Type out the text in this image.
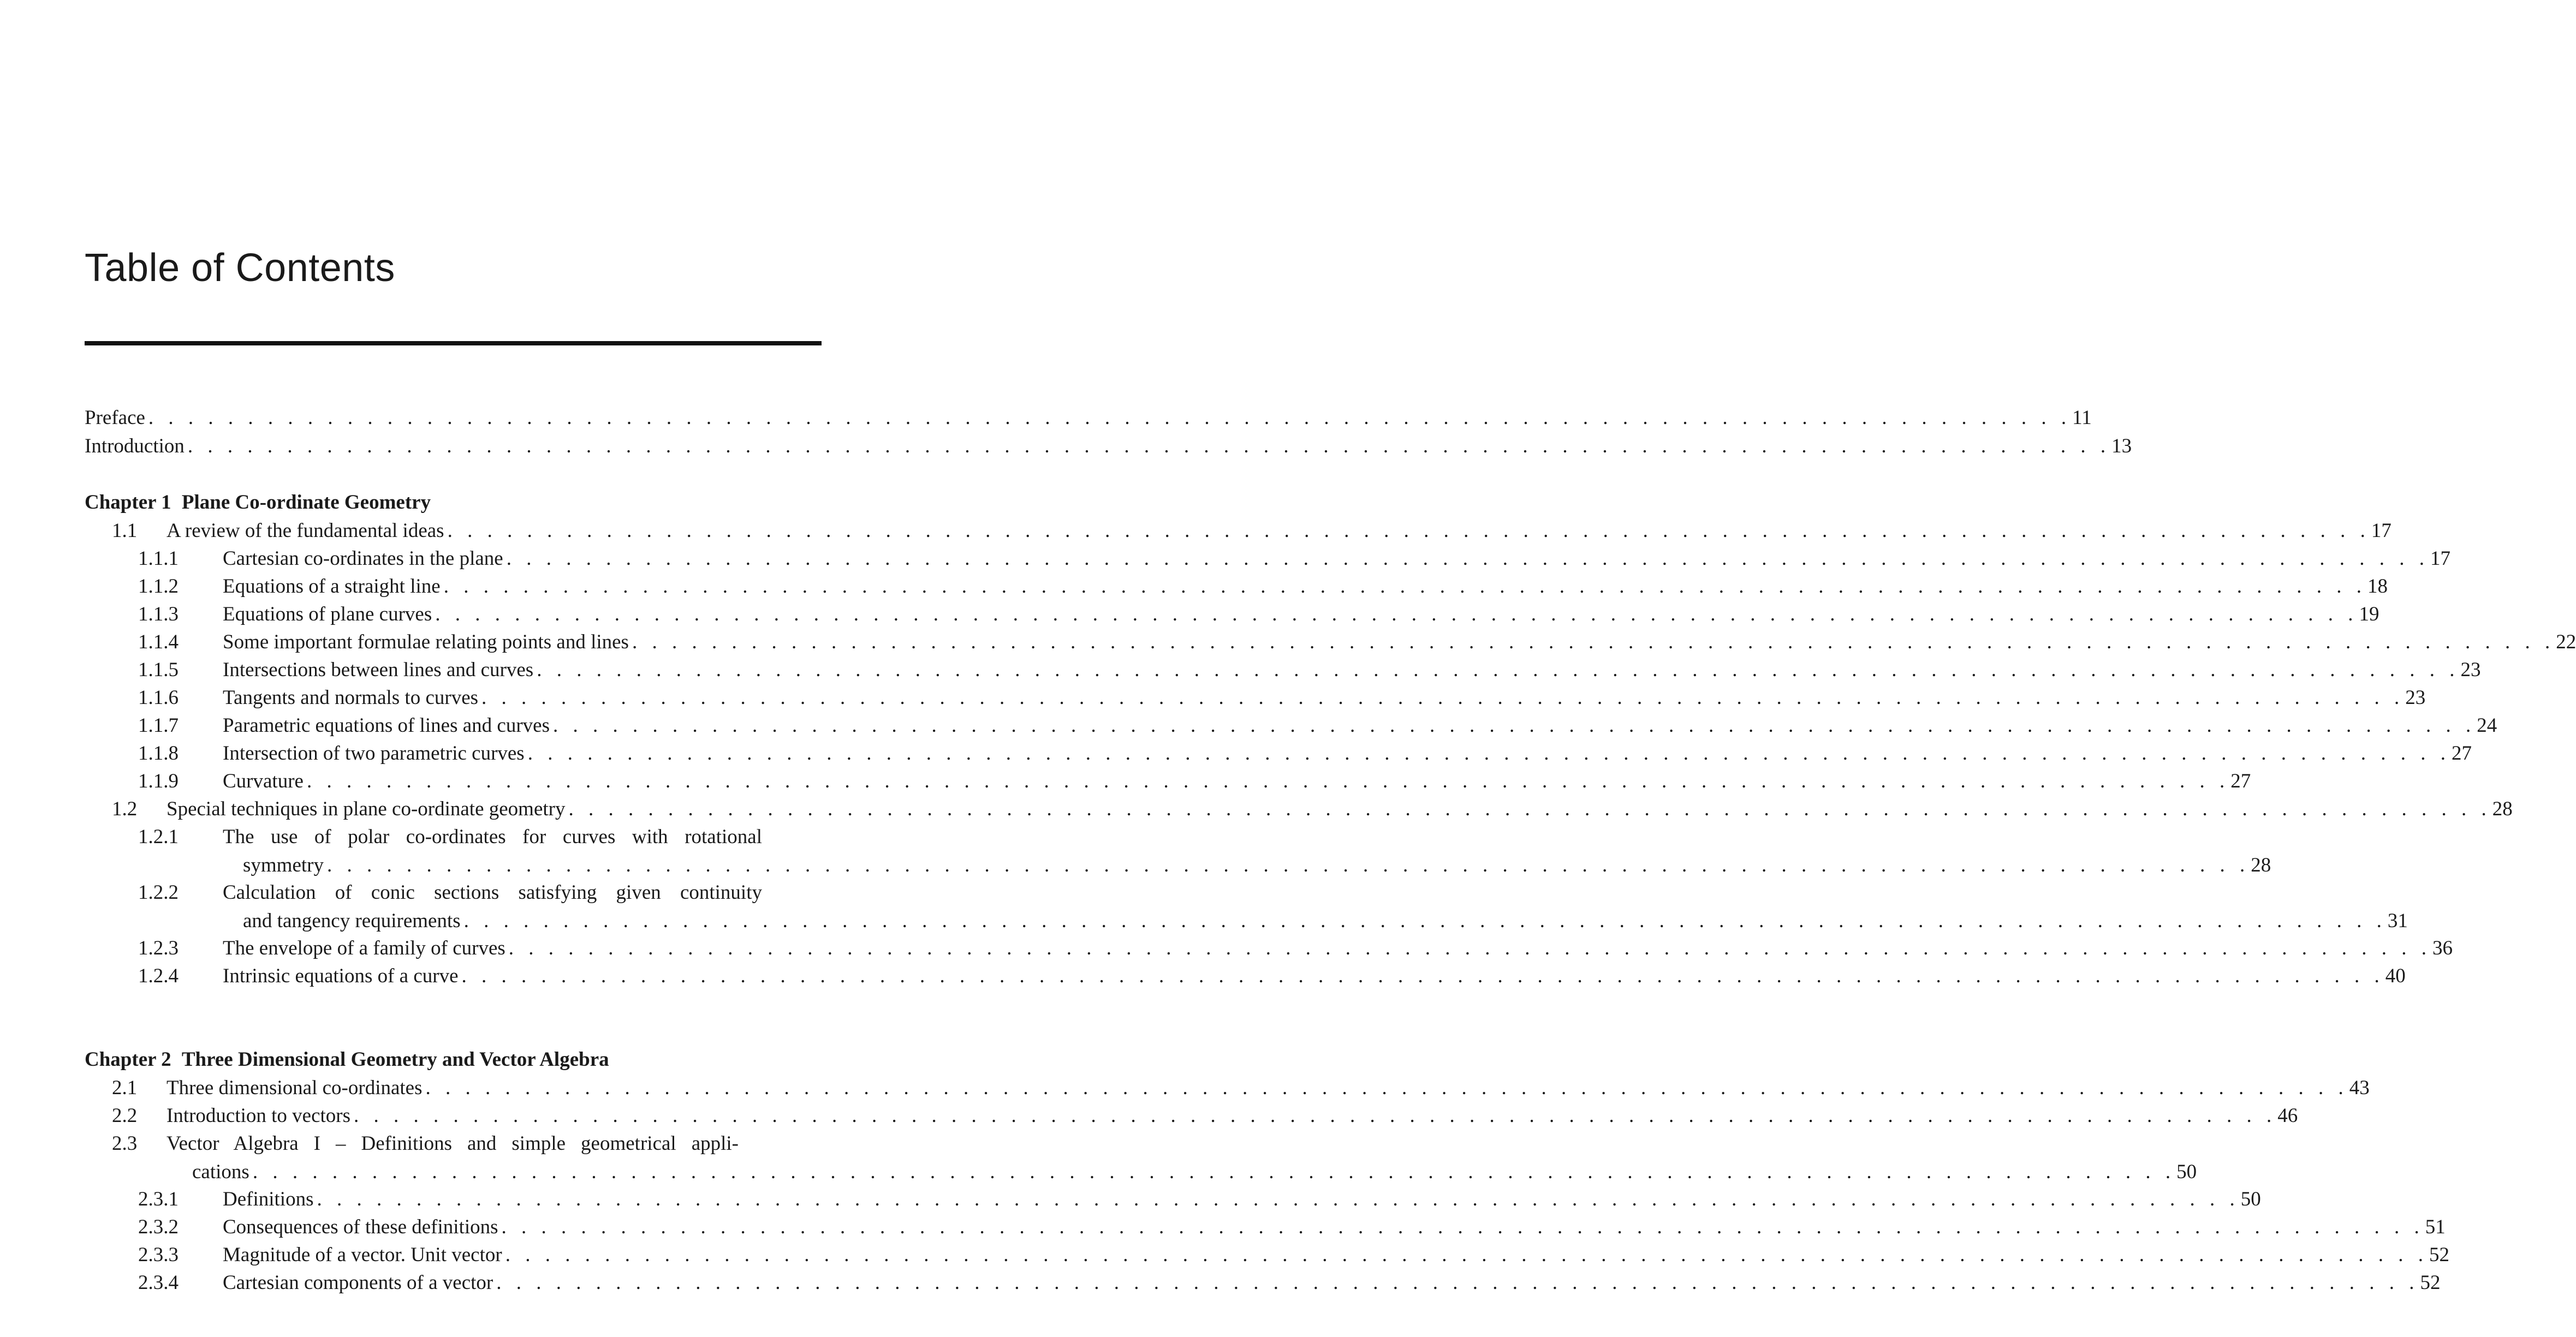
Table of Contents
Preface . . . . . . . . . . . . . . . . . . . . . . . . . . . . . . . . . . . . . . . . . . . . . . . . . . . . . . . . . . . . . . . . . . . . . . . . . . . . . . . . . . . . . . . . . . . . . . . . . 11
Introduction . . . . . . . . . . . . . . . . . . . . . . . . . . . . . . . . . . . . . . . . . . . . . . . . . . . . . . . . . . . . . . . . . . . . . . . . . . . . . . . . . . . . . . . . . . . . . . . . . 13
Chapter 1 Plane Co-ordinate Geometry
1.1 A review of the fundamental ideas . . . . . . . . . . . . . . . . . . . . . . . . . . . . . . . . . . . . . . . . . . . . . . . . . . . . . . . . . . . . . . . . . . . . . . . . . . . . . . . . . . . . . . . . . . . . . . . . . 17
1.1.1 Cartesian co-ordinates in the plane . . . . . . . . . . . . . . . . . . . . . . . . . . . . . . . . . . . . . . . . . . . . . . . . . . . . . . . . . . . . . . . . . . . . . . . . . . . . . . . . . . . . . . . . . . . . . . . . . 17
1.1.2 Equations of a straight line . . . . . . . . . . . . . . . . . . . . . . . . . . . . . . . . . . . . . . . . . . . . . . . . . . . . . . . . . . . . . . . . . . . . . . . . . . . . . . . . . . . . . . . . . . . . . . . . . 18
1.1.3 Equations of plane curves . . . . . . . . . . . . . . . . . . . . . . . . . . . . . . . . . . . . . . . . . . . . . . . . . . . . . . . . . . . . . . . . . . . . . . . . . . . . . . . . . . . . . . . . . . . . . . . . . 19
1.1.4 Some important formulae relating points and lines . . . . . . . . . . . . . . . . . . . . . . . . . . . . . . . . . . . . . . . . . . . . . . . . . . . . . . . . . . . . . . . . . . . . . . . . . . . . . . . . . . . . . . . . . . . . . . . . . 22
1.1.5 Intersections between lines and curves . . . . . . . . . . . . . . . . . . . . . . . . . . . . . . . . . . . . . . . . . . . . . . . . . . . . . . . . . . . . . . . . . . . . . . . . . . . . . . . . . . . . . . . . . . . . . . . . . 23
1.1.6 Tangents and normals to curves . . . . . . . . . . . . . . . . . . . . . . . . . . . . . . . . . . . . . . . . . . . . . . . . . . . . . . . . . . . . . . . . . . . . . . . . . . . . . . . . . . . . . . . . . . . . . . . . . 23
1.1.7 Parametric equations of lines and curves . . . . . . . . . . . . . . . . . . . . . . . . . . . . . . . . . . . . . . . . . . . . . . . . . . . . . . . . . . . . . . . . . . . . . . . . . . . . . . . . . . . . . . . . . . . . . . . . . 24
1.1.8 Intersection of two parametric curves . . . . . . . . . . . . . . . . . . . . . . . . . . . . . . . . . . . . . . . . . . . . . . . . . . . . . . . . . . . . . . . . . . . . . . . . . . . . . . . . . . . . . . . . . . . . . . . . . 27
1.1.9 Curvature . . . . . . . . . . . . . . . . . . . . . . . . . . . . . . . . . . . . . . . . . . . . . . . . . . . . . . . . . . . . . . . . . . . . . . . . . . . . . . . . . . . . . . . . . . . . . . . . . 27
1.2 Special techniques in plane co-ordinate geometry . . . . . . . . . . . . . . . . . . . . . . . . . . . . . . . . . . . . . . . . . . . . . . . . . . . . . . . . . . . . . . . . . . . . . . . . . . . . . . . . . . . . . . . . . . . . . . . . . 28
1.2.1 The use of polar co-ordinates for curves with rotational
symmetry . . . . . . . . . . . . . . . . . . . . . . . . . . . . . . . . . . . . . . . . . . . . . . . . . . . . . . . . . . . . . . . . . . . . . . . . . . . . . . . . . . . . . . . . . . . . . . . . . 28
1.2.2 Calculation of conic sections satisfying given continuity
and tangency requirements . . . . . . . . . . . . . . . . . . . . . . . . . . . . . . . . . . . . . . . . . . . . . . . . . . . . . . . . . . . . . . . . . . . . . . . . . . . . . . . . . . . . . . . . . . . . . . . . . 31
1.2.3 The envelope of a family of curves . . . . . . . . . . . . . . . . . . . . . . . . . . . . . . . . . . . . . . . . . . . . . . . . . . . . . . . . . . . . . . . . . . . . . . . . . . . . . . . . . . . . . . . . . . . . . . . . . 36
1.2.4 Intrinsic equations of a curve . . . . . . . . . . . . . . . . . . . . . . . . . . . . . . . . . . . . . . . . . . . . . . . . . . . . . . . . . . . . . . . . . . . . . . . . . . . . . . . . . . . . . . . . . . . . . . . . . 40
Chapter 2 Three Dimensional Geometry and Vector Algebra
2.1 Three dimensional co-ordinates . . . . . . . . . . . . . . . . . . . . . . . . . . . . . . . . . . . . . . . . . . . . . . . . . . . . . . . . . . . . . . . . . . . . . . . . . . . . . . . . . . . . . . . . . . . . . . . . . 43
2.2 Introduction to vectors . . . . . . . . . . . . . . . . . . . . . . . . . . . . . . . . . . . . . . . . . . . . . . . . . . . . . . . . . . . . . . . . . . . . . . . . . . . . . . . . . . . . . . . . . . . . . . . . . 46
2.3 Vector Algebra I – Definitions and simple geometrical appli-
cations . . . . . . . . . . . . . . . . . . . . . . . . . . . . . . . . . . . . . . . . . . . . . . . . . . . . . . . . . . . . . . . . . . . . . . . . . . . . . . . . . . . . . . . . . . . . . . . . . 50
2.3.1 Definitions . . . . . . . . . . . . . . . . . . . . . . . . . . . . . . . . . . . . . . . . . . . . . . . . . . . . . . . . . . . . . . . . . . . . . . . . . . . . . . . . . . . . . . . . . . . . . . . . . 50
2.3.2 Consequences of these definitions . . . . . . . . . . . . . . . . . . . . . . . . . . . . . . . . . . . . . . . . . . . . . . . . . . . . . . . . . . . . . . . . . . . . . . . . . . . . . . . . . . . . . . . . . . . . . . . . . 51
2.3.3 Magnitude of a vector. Unit vector . . . . . . . . . . . . . . . . . . . . . . . . . . . . . . . . . . . . . . . . . . . . . . . . . . . . . . . . . . . . . . . . . . . . . . . . . . . . . . . . . . . . . . . . . . . . . . . . . 52
2.3.4 Cartesian components of a vector . . . . . . . . . . . . . . . . . . . . . . . . . . . . . . . . . . . . . . . . . . . . . . . . . . . . . . . . . . . . . . . . . . . . . . . . . . . . . . . . . . . . . . . . . . . . . . . . . 52
